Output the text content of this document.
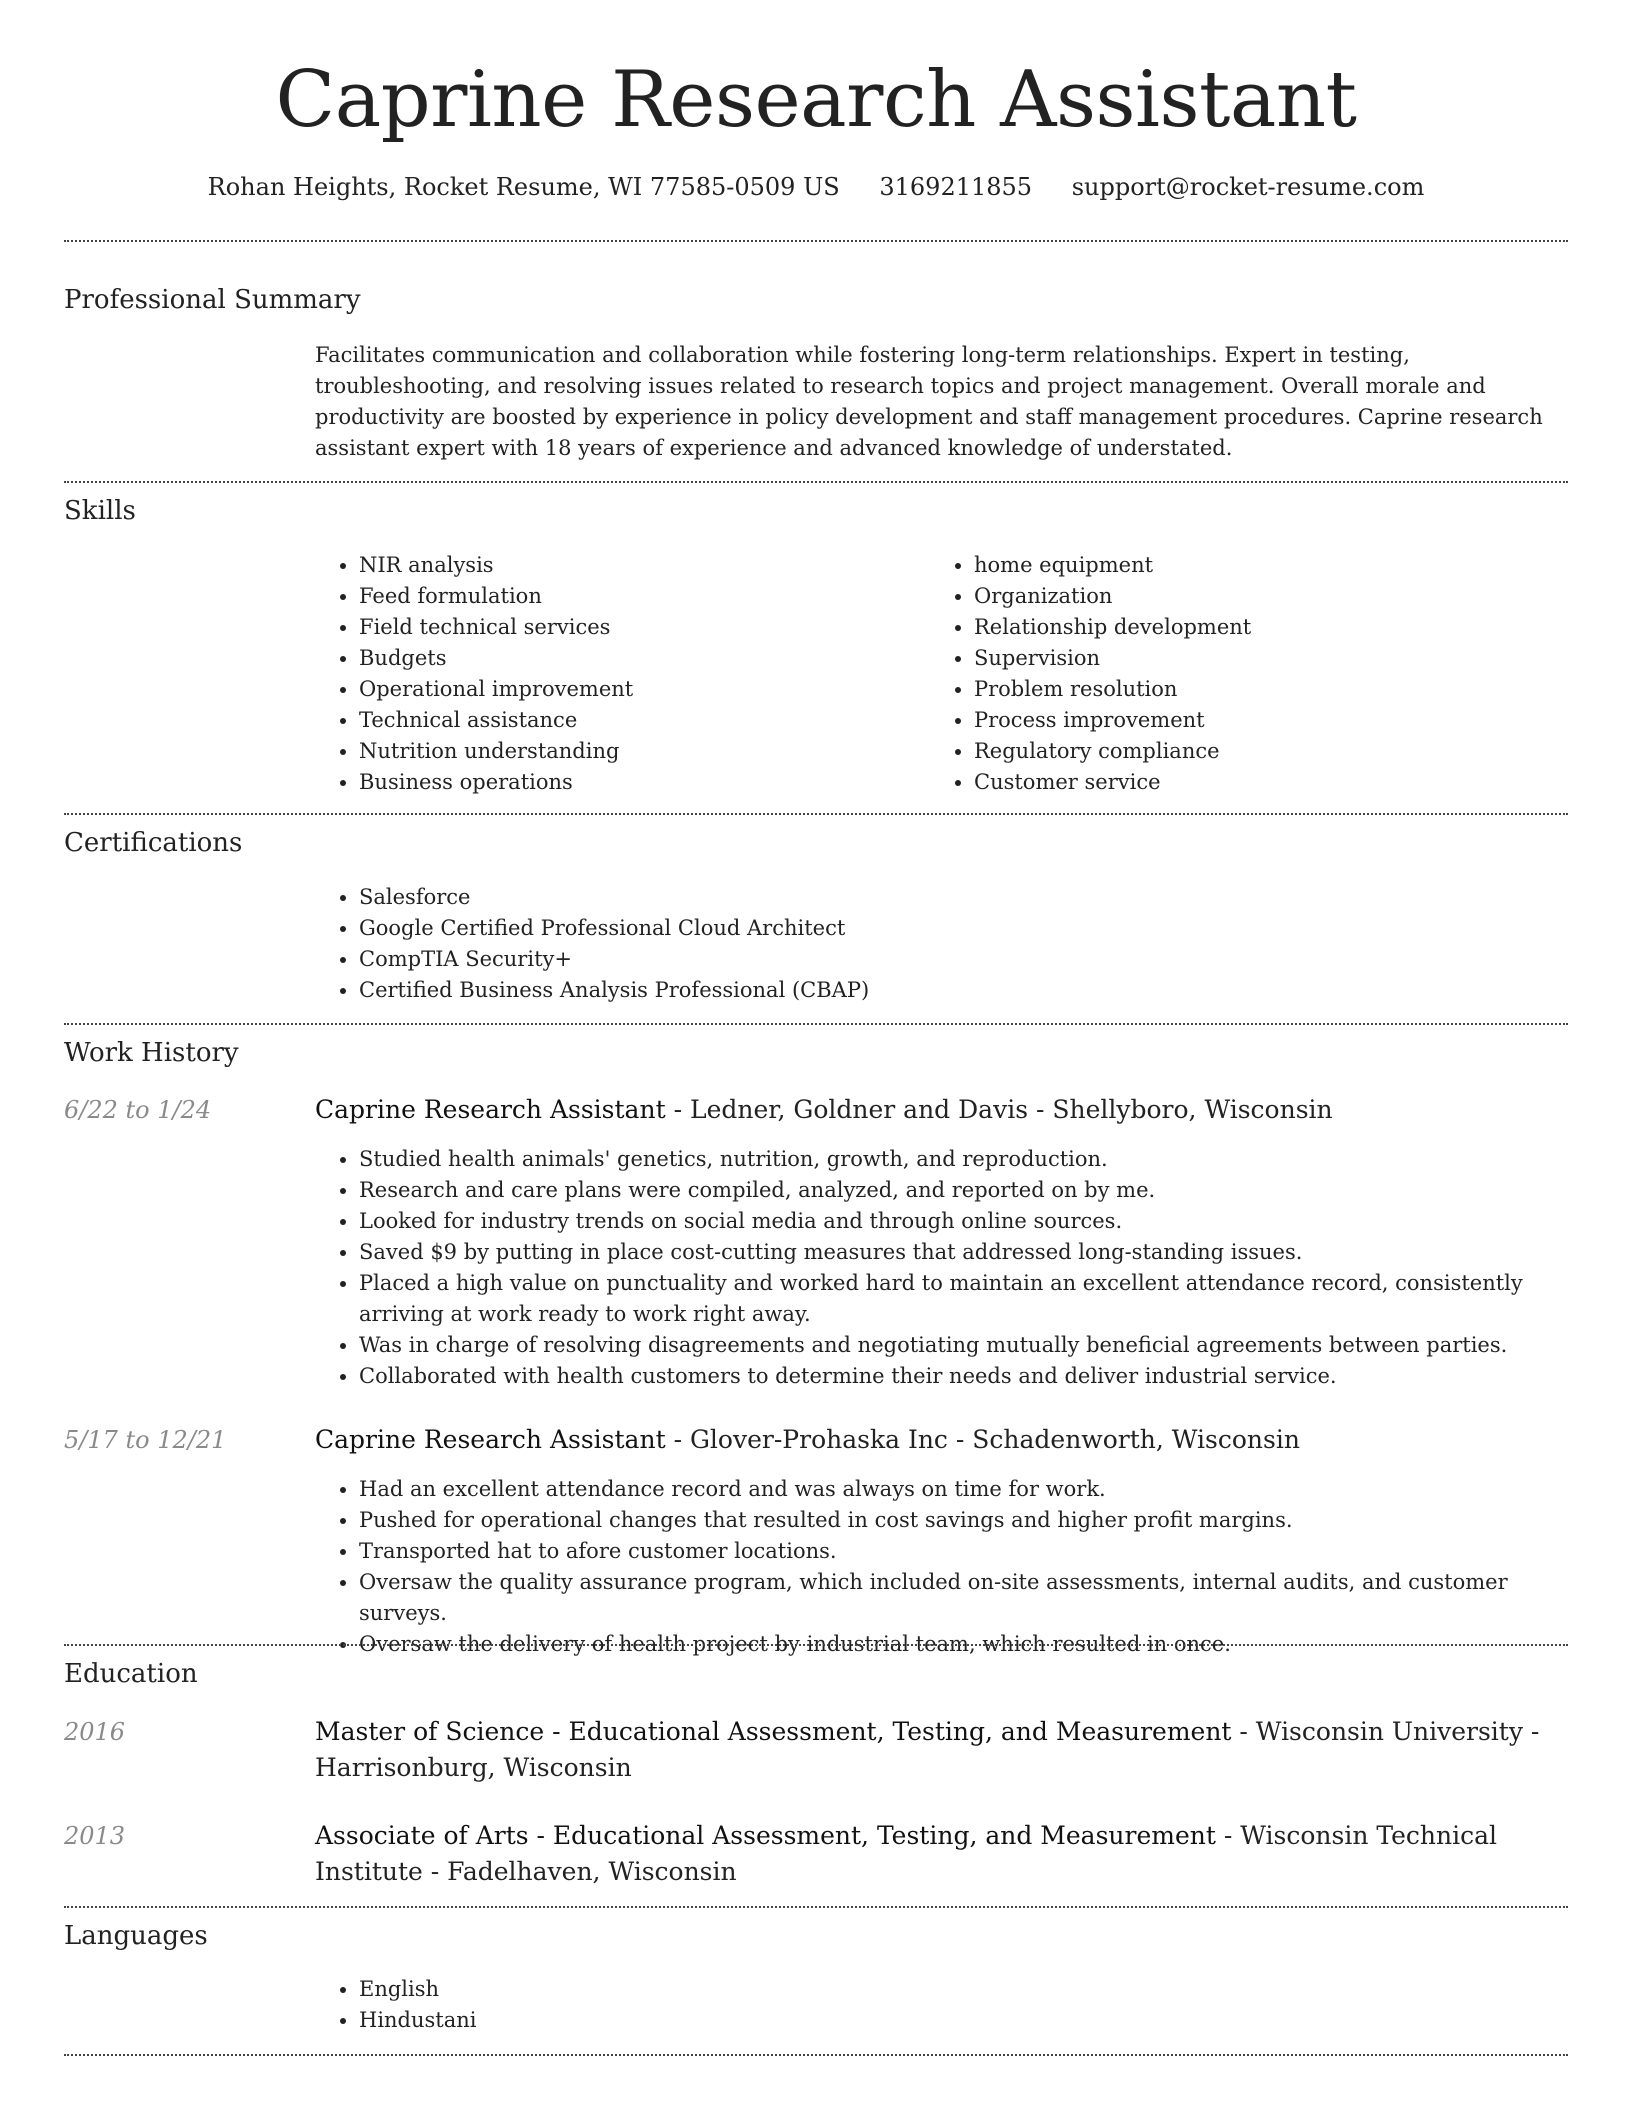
Caprine Research Assistant
Rohan Heights, Rocket Resume, WI 77585-0509 US 3169211855 support@rocket-resume.com
Professional Summary
Facilitates communication and collaboration while fostering long-term relationships. Expert in testing, troubleshooting, and resolving issues related to research topics and project management. Overall morale and productivity are boosted by experience in policy development and staff management procedures. Caprine research assistant expert with 18 years of experience and advanced knowledge of understated.
Skills
• NIR analysis
• Feed formulation
• Field technical services
• Budgets
• Operational improvement
• Technical assistance
• Nutrition understanding
• Business operations
• home equipment
• Organization
• Relationship development
• Supervision
• Problem resolution
• Process improvement
• Regulatory compliance
• Customer service
Certifications
• Salesforce
• Google Certified Professional Cloud Architect
• CompTIA Security+
• Certified Business Analysis Professional (CBAP)
Work History
6/22 to 1/24	Caprine Research Assistant - Ledner, Goldner and Davis - Shellyboro, Wisconsin
• Studied health animals' genetics, nutrition, growth, and reproduction.
• Research and care plans were compiled, analyzed, and reported on by me.
• Looked for industry trends on social media and through online sources.
• Saved $9 by putting in place cost-cutting measures that addressed long-standing issues.
• Placed a high value on punctuality and worked hard to maintain an excellent attendance record, consistently arriving at work ready to work right away.
• Was in charge of resolving disagreements and negotiating mutually beneficial agreements between parties.
• Collaborated with health customers to determine their needs and deliver industrial service.
5/17 to 12/21	Caprine Research Assistant - Glover-Prohaska Inc - Schadenworth, Wisconsin
• Had an excellent attendance record and was always on time for work.
• Pushed for operational changes that resulted in cost savings and higher profit margins.
• Transported hat to afore customer locations.
• Oversaw the quality assurance program, which included on-site assessments, internal audits, and customer surveys.
• Oversaw the delivery of health project by industrial team, which resulted in once.
Education
2016	Master of Science - Educational Assessment, Testing, and Measurement - Wisconsin University - Harrisonburg, Wisconsin
2013	Associate of Arts - Educational Assessment, Testing, and Measurement - Wisconsin Technical Institute - Fadelhaven, Wisconsin
Languages
• English
• Hindustani
